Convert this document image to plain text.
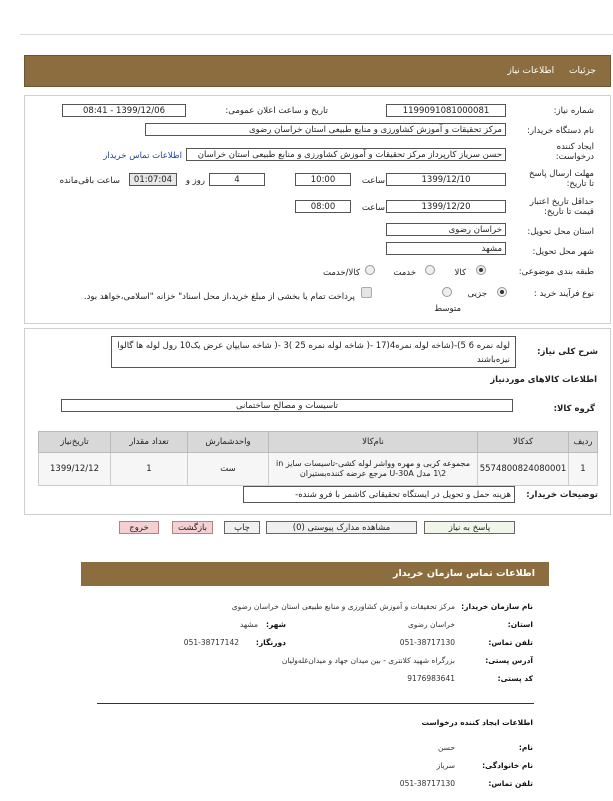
جزئیات اطلاعات نیاز
شماره نیاز:
1199091081000081
تاریخ و ساعت اعلان عمومی:
1399/12/06 - 08:41
نام دستگاه خریدار:
مرکز تحقیقات و آموزش کشاورزی و منابع طبیعی استان خراسان رضوی
ایجاد کننده درخواست:
حسن سریاز کارپرداز مرکز تحقیقات و آموزش کشاورزی و منابع طبیعی استان خراسان
اطلاعات تماس خریدار
مهلت ارسال پاسخ تا تاریخ:
1399/12/10
ساعت
10:00
4
روز و
01:07:04
ساعت باقی‌مانده
حداقل تاریخ اعتبار قیمت تا تاریخ:
1399/12/20
ساعت
08:00
استان محل تحویل:
خراسان رضوی
شهر محل تحویل:
مشهد
طبقه بندی موضوعی:
کالا
خدمت
کالا/خدمت
نوع فرآیند خرید :
جزیی
متوسط
پرداخت تمام یا بخشی از مبلغ خرید،از محل اسناد" خزانه "اسلامی،خواهد بود.
شرح کلی نیاز:
لوله نمره 6 5)-(شاخه لوله نمره4(17 -( شاخه لوله نمره 25 )3 -( شاخه سایپان عرض یک10 رول لوله ها گالوا نیزه‌باشند
اطلاعات کالاهای موردنیاز
گروه کالا:
تاسیسات و مصالح ساختمانی
ردیف	کدکالا	نام‌کالا	واحدشمارش	تعداد مقدار	تاریخ‌نیاز
1	5574800824080001	مجموعه کربی و مهره وواشر لوله کشی-تاسیسات سایز in 1\2 مدل U-30A مرجع عرضه کننده‌بستیران	ست	1	1399/12/12
توضیحات خریدار:
هزینه حمل و تحویل در ایستگاه تحقیقاتی کاشمر با فرو شنده-
پاسخ به نیاز
مشاهده مدارک پیوستی (0)
چاپ
بازگشت
خروج
اطلاعات تماس سازمان خریدار
نام سازمان خریدار:
مرکز تحقیقات و آموزش کشاورزی و منابع طبیعی استان خراسان رضوی
استان:
خراسان رضوی
شهر:
مشهد
تلفن تماس:
051-38717130
دورنگار:
051-38717142
آدرس پستی:
بزرگراه شهید کلانتری - بین میدان جهاد و میدان‌غله‌ولیان
کد پستی:
9176983641
اطلاعات ایجاد کننده درخواست
نام:
حسن
نام خانوادگی:
سریاز
تلفن تماس:
051-38717130
